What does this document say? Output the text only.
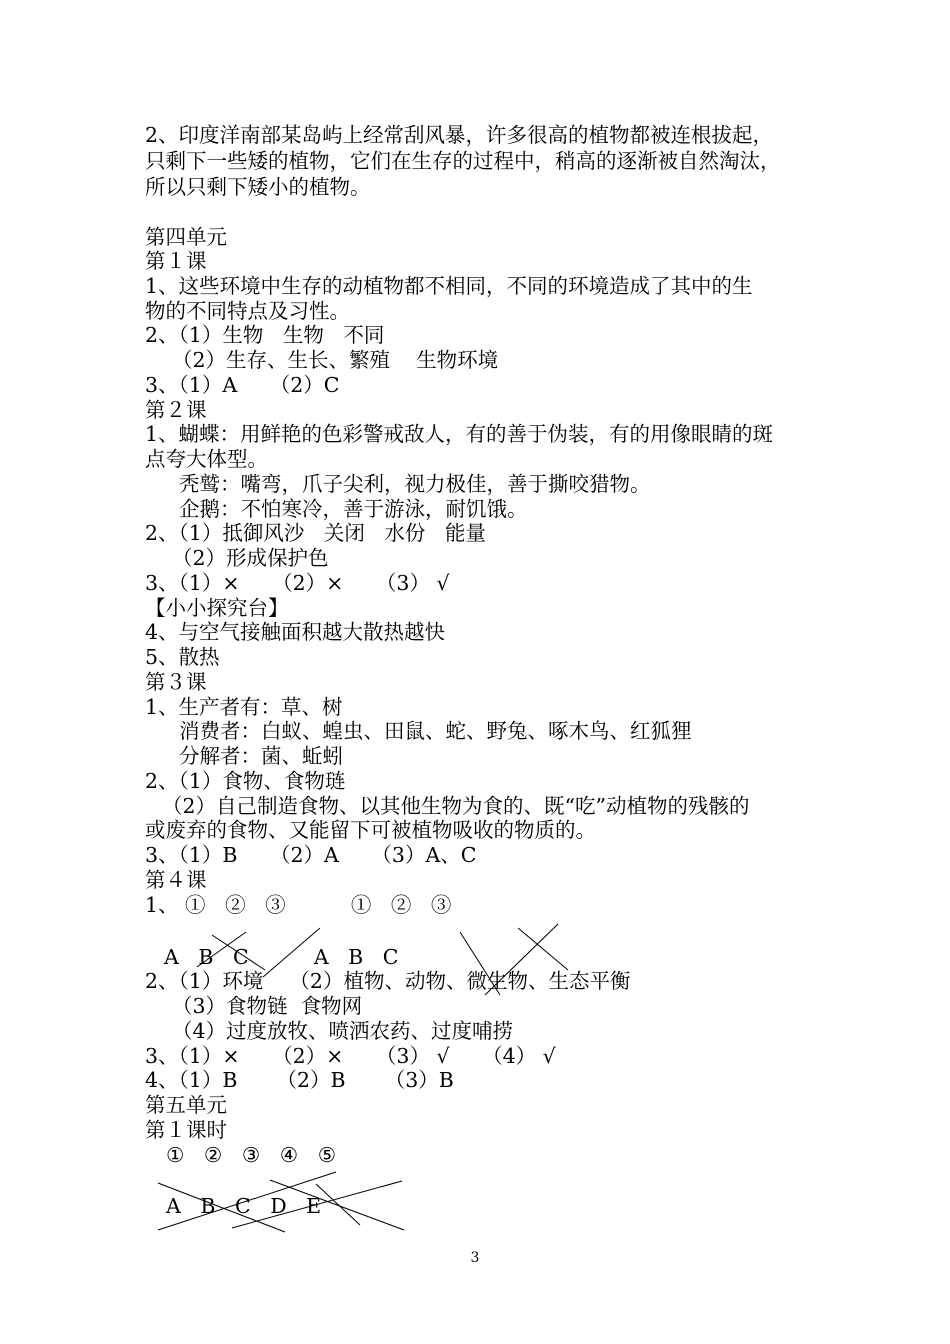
2、印度洋南部某岛屿上经常刮风暴，许多很高的植物都被连根拔起，
只剩下一些矮的植物，它们在生存的过程中，稍高的逐渐被自然淘汰，
所以只剩下矮小的植物。
第四单元
第１课
1、这些环境中生存的动植物都不相同，不同的环境造成了其中的生
物的不同特点及习性。
2、（1）生物   生物   不同
（2）生存、生长、繁殖    生物环境
3、（1）A     （2）C
第２课
1、蝴蝶：用鲜艳的色彩警戒敌人，有的善于伪装，有的用像眼睛的斑
点夸大体型。
秃鹫：嘴弯，爪子尖利，视力极佳，善于撕咬猎物。
企鹅：不怕寒冷，善于游泳，耐饥饿。
2、（1）抵御风沙   关闭   水份   能量
（2）形成保护色
3、（1）×     （2）×     （3） √
【小小探究台】
4、与空气接触面积越大散热越快
5、散热
第３课
1、生产者有：草、树
消费者：白蚁、蝗虫、田鼠、蛇、野兔、啄木鸟、红狐狸
分解者：菌、蚯蚓
2、（1）食物、食物琏
（2）自己制造食物、以其他生物为食的、既“吃”动植物的残骸的
或废弃的食物、又能留下可被植物吸收的物质的。
3、（1）B     （2）A     （3）A、C
第４课
1、 ①   ②   ③          ①   ②   ③
A   B   C          A   B   C
2、（1）环境    （2）植物、动物、微生物、生态平衡
（3）食物链  食物网
（4）过度放牧、喷洒农药、过度哺捞
3、（1）×     （2）×     （3） √     （4） √
4、（1）B      （2）B      （3）B
第五单元
第１课时
①   ②   ③   ④   ⑤
A   B   C   D   E
3
